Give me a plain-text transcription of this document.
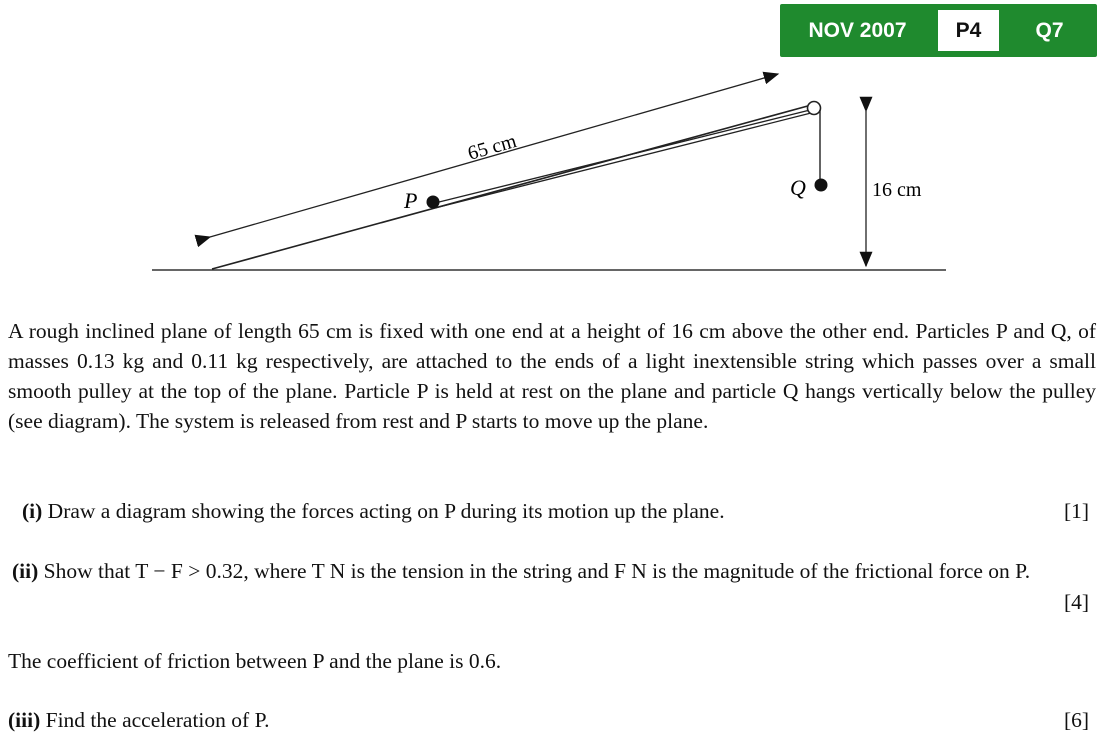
NOV 2007	P4	Q7
65 cm
16 cm
P
Q
A rough inclined plane of length 65 cm is fixed with one end at a height of 16 cm above the other end. Particles P and Q, of masses 0.13 kg and 0.11 kg respectively, are attached to the ends of a light inextensible string which passes over a small smooth pulley at the top of the plane. Particle P is held at rest on the plane and particle Q hangs vertically below the pulley (see diagram). The system is released from rest and P starts to move up the plane.
(i) Draw a diagram showing the forces acting on P during its motion up the plane.	[1]
(ii) Show that T − F > 0.32, where T N is the tension in the string and F N is the magnitude of the frictional force on P.
[4]
The coefficient of friction between P and the plane is 0.6.
(iii) Find the acceleration of P.	[6]
